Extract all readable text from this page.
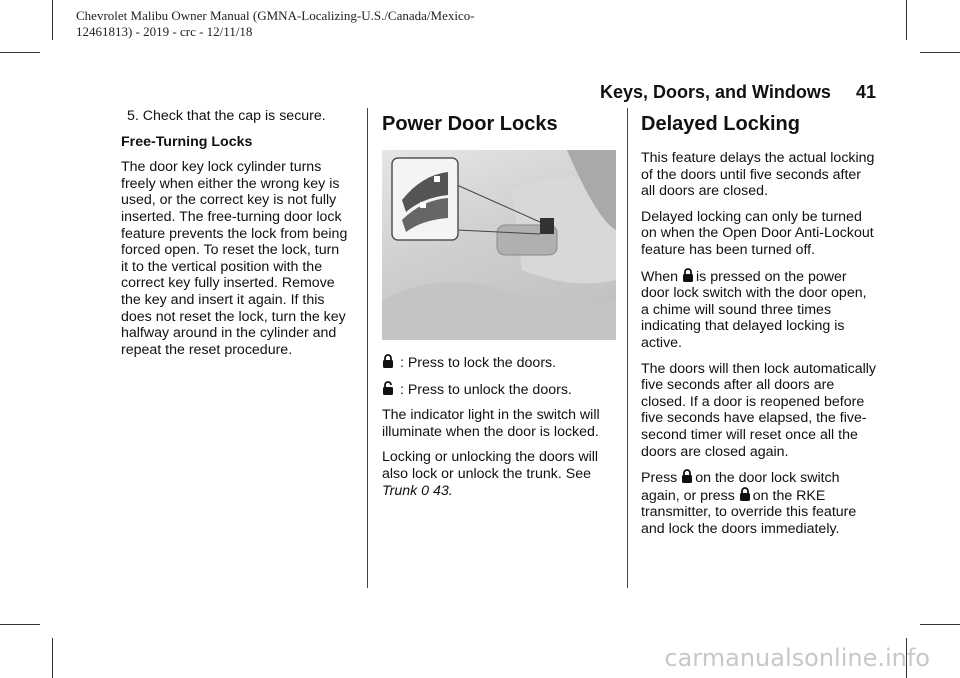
Chevrolet Malibu Owner Manual (GMNA-Localizing-U.S./Canada/Mexico-
12461813) - 2019 - crc - 12/11/18
Keys, Doors, and Windows 41

5. Check that the cap is secure.

Free-Turning Locks

The door key lock cylinder turns freely when either the wrong key is used, or the correct key is not fully inserted. The free-turning door lock feature prevents the lock from being forced open. To reset the lock, turn it to the vertical position with the correct key fully inserted. Remove the key and insert it again. If this does not reset the lock, turn the key halfway around in the cylinder and repeat the reset procedure.

Power Door Locks

: Press to lock the doors.

: Press to unlock the doors.

The indicator light in the switch will illuminate when the door is locked.

Locking or unlocking the doors will also lock or unlock the trunk. See Trunk 0 43.

Delayed Locking

This feature delays the actual locking of the doors until five seconds after all doors are closed.

Delayed locking can only be turned on when the Open Door Anti-Lockout feature has been turned off.

When is pressed on the power door lock switch with the door open, a chime will sound three times indicating that delayed locking is active.

The doors will then lock automatically five seconds after all doors are closed. If a door is reopened before five seconds have elapsed, the five-second timer will reset once all the doors are closed again.

Press on the door lock switch again, or press on the RKE transmitter, to override this feature and lock the doors immediately.

carmanualsonline.info
